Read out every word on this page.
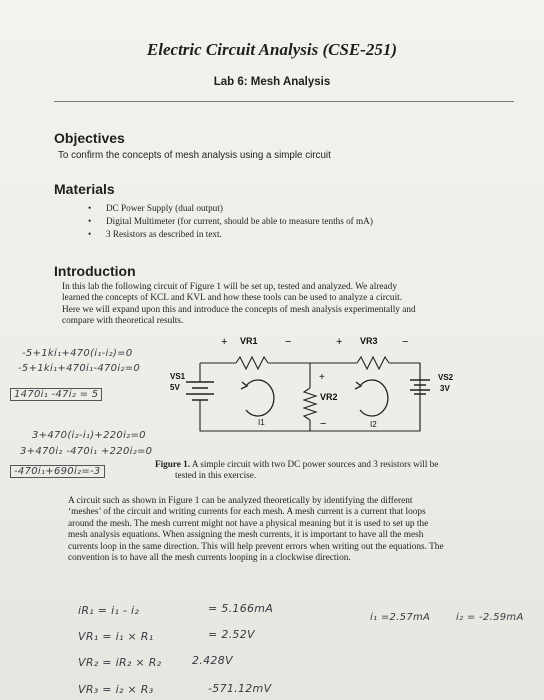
Electric Circuit Analysis (CSE-251)
Lab 6: Mesh Analysis
Objectives
To confirm the concepts of mesh analysis using a simple circuit
Materials
• DC Power Supply (dual output)
• Digital Multimeter (for current, should be able to measure tenths of mA)
• 3 Resistors as described in text.
Introduction
In this lab the following circuit of Figure 1 will be set up, tested and analyzed. We already
learned the concepts of KCL and KVL and how these tools can be used to analyze a circuit.
Here we will expand upon this and introduce the concepts of mesh analysis experimentally and
compare with theoretical results.
+ VR1 −	+ VR3 −
+
VR2
−
VS1
5V
VS2
3V
I1	I2
Figure 1. A simple circuit with two DC power sources and 3 resistors will be
tested in this exercise.
A circuit such as shown in Figure 1 can be analyzed theoretically by identifying the different
‘meshes’ of the circuit and writing currents for each mesh. A mesh current is a current that loops
around the mesh. The mesh current might not have a physical meaning but it is used to set up the
mesh analysis equations. When assigning the mesh currents, it is important to have all the mesh
currents loop in the same direction. This will help prevent errors when writing out the equations. The
convention is to have all the mesh currents looping in a clockwise direction.
-5+1ki₁+470(i₁-i₂)=0
-5+1ki₁+470i₁-470i₂=0
1470i₁ -47i₂ = 5
3+470(i₂-i₁)+220i₂=0
3+470i₂ -470i₁ +220i₂=0
-470i₁+690i₂=-3
iR₁ = i₁ - i₂	= 5.166mA
VR₁ = i₁ × R₁	= 2.52V
VR₂ = iR₂ × R₂	2.428V
VR₃ = i₂ × R₃	-571.12mV
i₁ =2.57mA	i₂ = -2.59mA
